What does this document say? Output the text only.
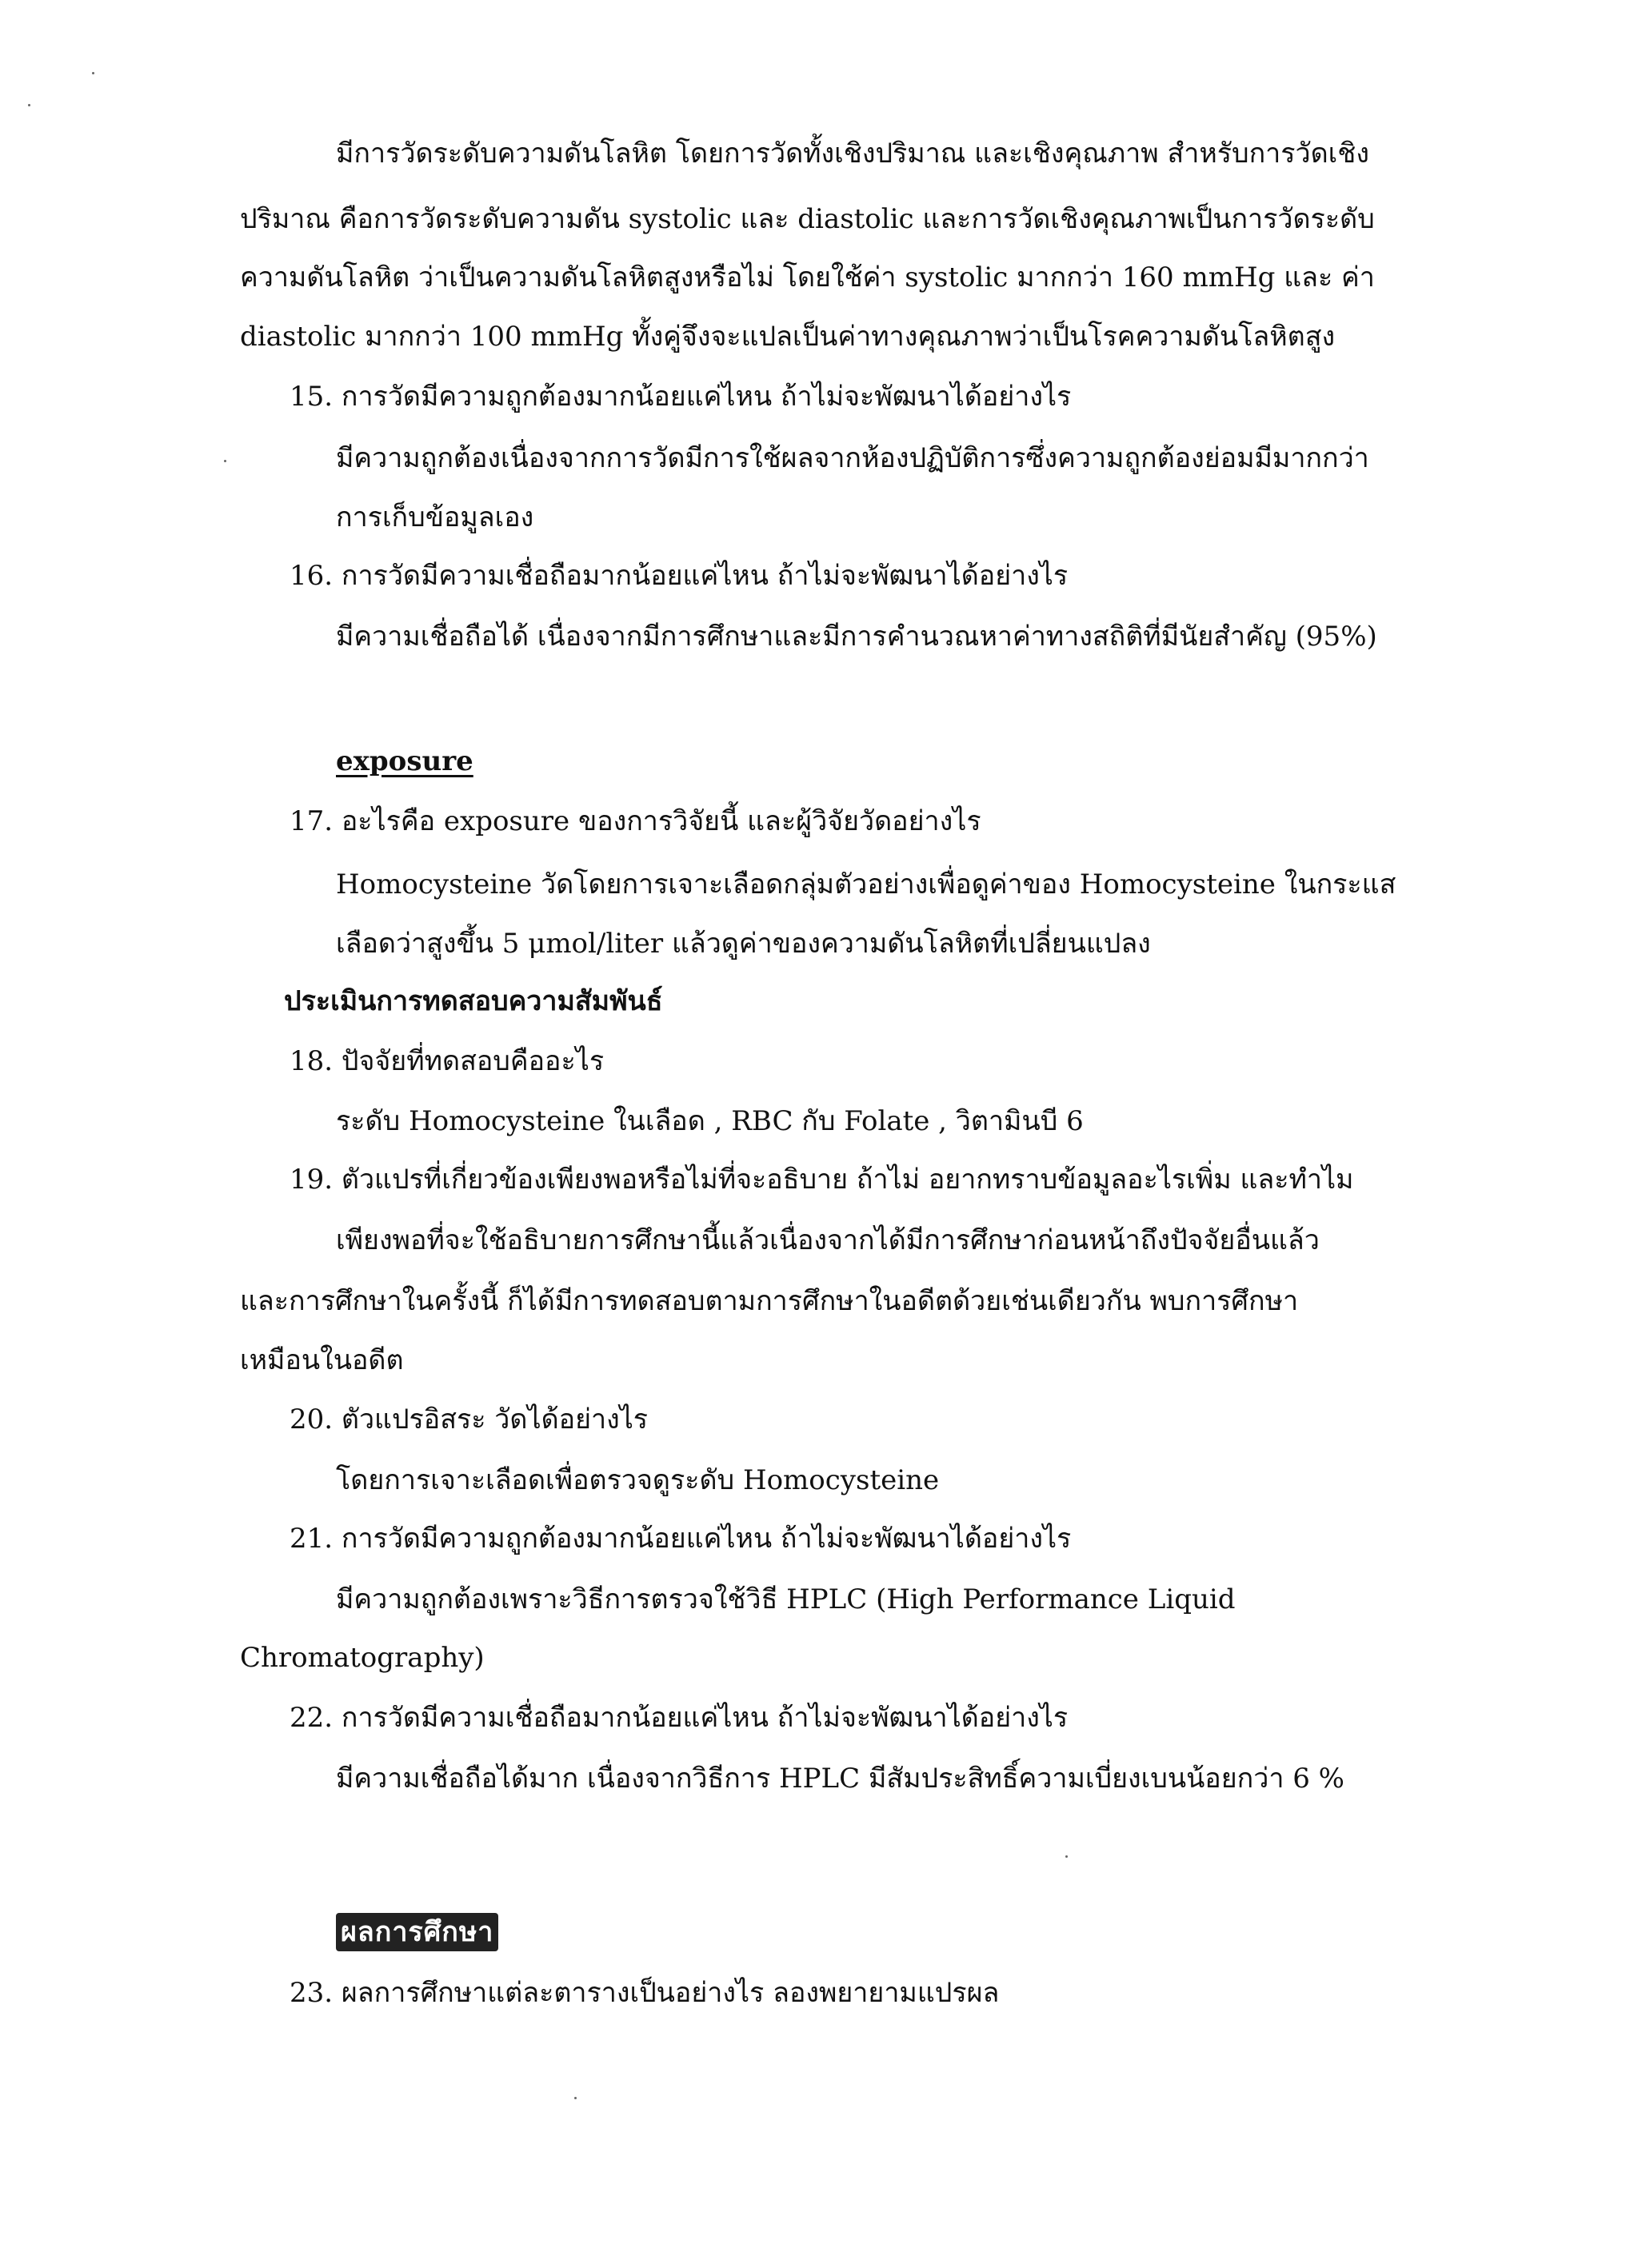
มีการวัดระดับความดันโลหิต โดยการวัดทั้งเชิงปริมาณ และเชิงคุณภาพ สำหรับการวัดเชิง
ปริมาณ คือการวัดระดับความดัน systolic และ diastolic และการวัดเชิงคุณภาพเป็นการวัดระดับ
ความดันโลหิต ว่าเป็นความดันโลหิตสูงหรือไม่ โดยใช้ค่า systolic มากกว่า 160 mmHg และ ค่า
diastolic มากกว่า 100 mmHg ทั้งคู่จึงจะแปลเป็นค่าทางคุณภาพว่าเป็นโรคความดันโลหิตสูง
15. การวัดมีความถูกต้องมากน้อยแค่ไหน ถ้าไม่จะพัฒนาได้อย่างไร
มีความถูกต้องเนื่องจากการวัดมีการใช้ผลจากห้องปฏิบัติการซึ่งความถูกต้องย่อมมีมากกว่า
การเก็บข้อมูลเอง
16. การวัดมีความเชื่อถือมากน้อยแค่ไหน ถ้าไม่จะพัฒนาได้อย่างไร
มีความเชื่อถือได้ เนื่องจากมีการศึกษาและมีการคำนวณหาค่าทางสถิติที่มีนัยสำคัญ (95%)
exposure
17. อะไรคือ exposure ของการวิจัยนี้ และผู้วิจัยวัดอย่างไร
Homocysteine วัดโดยการเจาะเลือดกลุ่มตัวอย่างเพื่อดูค่าของ Homocysteine ในกระแส
เลือดว่าสูงขึ้น 5 μmol/liter แล้วดูค่าของความดันโลหิตที่เปลี่ยนแปลง
ประเมินการทดสอบความสัมพันธ์
18. ปัจจัยที่ทดสอบคืออะไร
ระดับ Homocysteine ในเลือด , RBC กับ Folate , วิตามินบี 6
19. ตัวแปรที่เกี่ยวข้องเพียงพอหรือไม่ที่จะอธิบาย ถ้าไม่ อยากทราบข้อมูลอะไรเพิ่ม และทำไม
เพียงพอที่จะใช้อธิบายการศึกษานี้แล้วเนื่องจากได้มีการศึกษาก่อนหน้าถึงปัจจัยอื่นแล้ว
และการศึกษาในครั้งนี้ ก็ได้มีการทดสอบตามการศึกษาในอดีตด้วยเช่นเดียวกัน พบการศึกษา
เหมือนในอดีต
20. ตัวแปรอิสระ วัดได้อย่างไร
โดยการเจาะเลือดเพื่อตรวจดูระดับ Homocysteine
21. การวัดมีความถูกต้องมากน้อยแค่ไหน ถ้าไม่จะพัฒนาได้อย่างไร
มีความถูกต้องเพราะวิธีการตรวจใช้วิธี HPLC (High Performance Liquid
Chromatography)
22. การวัดมีความเชื่อถือมากน้อยแค่ไหน ถ้าไม่จะพัฒนาได้อย่างไร
มีความเชื่อถือได้มาก เนื่องจากวิธีการ HPLC มีสัมประสิทธิ์ความเบี่ยงเบนน้อยกว่า 6 %
ผลการศึกษา
23. ผลการศึกษาแต่ละตารางเป็นอย่างไร ลองพยายามแปรผล
